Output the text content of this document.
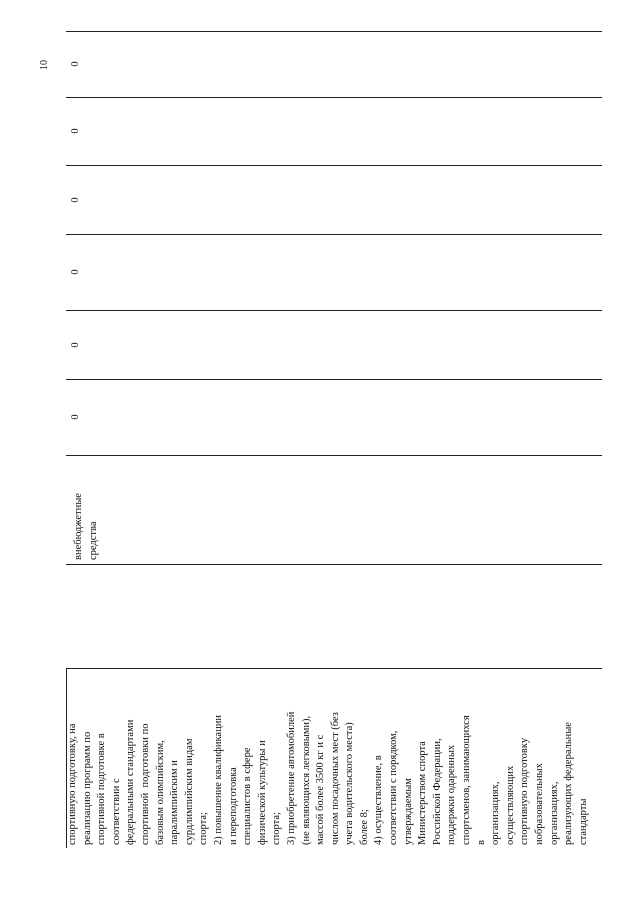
10
спортивную подготовку, на
реализацию программ по
спортивной подготовке в
соответствии с
федеральными стандартами
спортивной  подготовки по
базовым олимпийским,
паралимпийским и
сурдлимпийским видам
спорта;
2) повышение квалификации
и переподготовка
специалистов в сфере
физической культуры и
спорта;
3) приобретение автомобилей
(не являющихся легковыми),
массой более 3500 кг и с
числом посадочных мест (без
учета водительского места)
более 8;
4) осуществление, в
соответствии с порядком,
утверждаемым
Министерством спорта
Российской Федерации,
поддержки одаренных
спортсменов, занимающихся
в
организациях,
осуществляющих
спортивную подготовку
иобразовательных
организациях,
реализующих федеральные
стандарты
внебюджетные
средства
0
0
0
0
0
0
